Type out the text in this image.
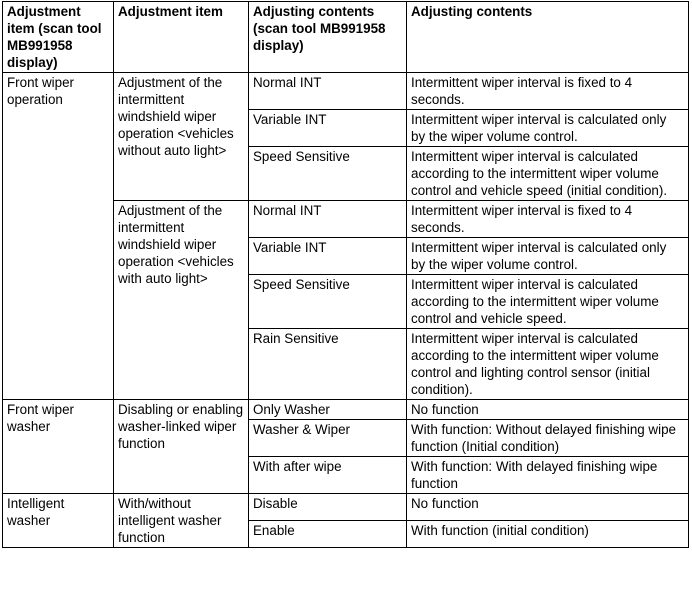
Adjustment item (scan tool MB991958 display)	Adjustment item	Adjusting contents (scan tool MB991958 display)	Adjusting contents
Front wiper operation	Adjustment of the intermittent windshield wiper operation <vehicles without auto light>	Normal INT	Intermittent wiper interval is fixed to 4 seconds.
		Variable INT	Intermittent wiper interval is calculated only by the wiper volume control.
		Speed Sensitive	Intermittent wiper interval is calculated according to the intermittent wiper volume control and vehicle speed (initial condition).
	Adjustment of the intermittent windshield wiper operation <vehicles with auto light>	Normal INT	Intermittent wiper interval is fixed to 4 seconds.
		Variable INT	Intermittent wiper interval is calculated only by the wiper volume control.
		Speed Sensitive	Intermittent wiper interval is calculated according to the intermittent wiper volume control and vehicle speed.
		Rain Sensitive	Intermittent wiper interval is calculated according to the intermittent wiper volume control and lighting control sensor (initial condition).
Front wiper washer	Disabling or enabling washer-linked wiper function	Only Washer	No function
		Washer & Wiper	With function: Without delayed finishing wipe function (Initial condition)
		With after wipe	With function: With delayed finishing wipe function
Intelligent washer	With/without intelligent washer function	Disable	No function
		Enable	With function (initial condition)
